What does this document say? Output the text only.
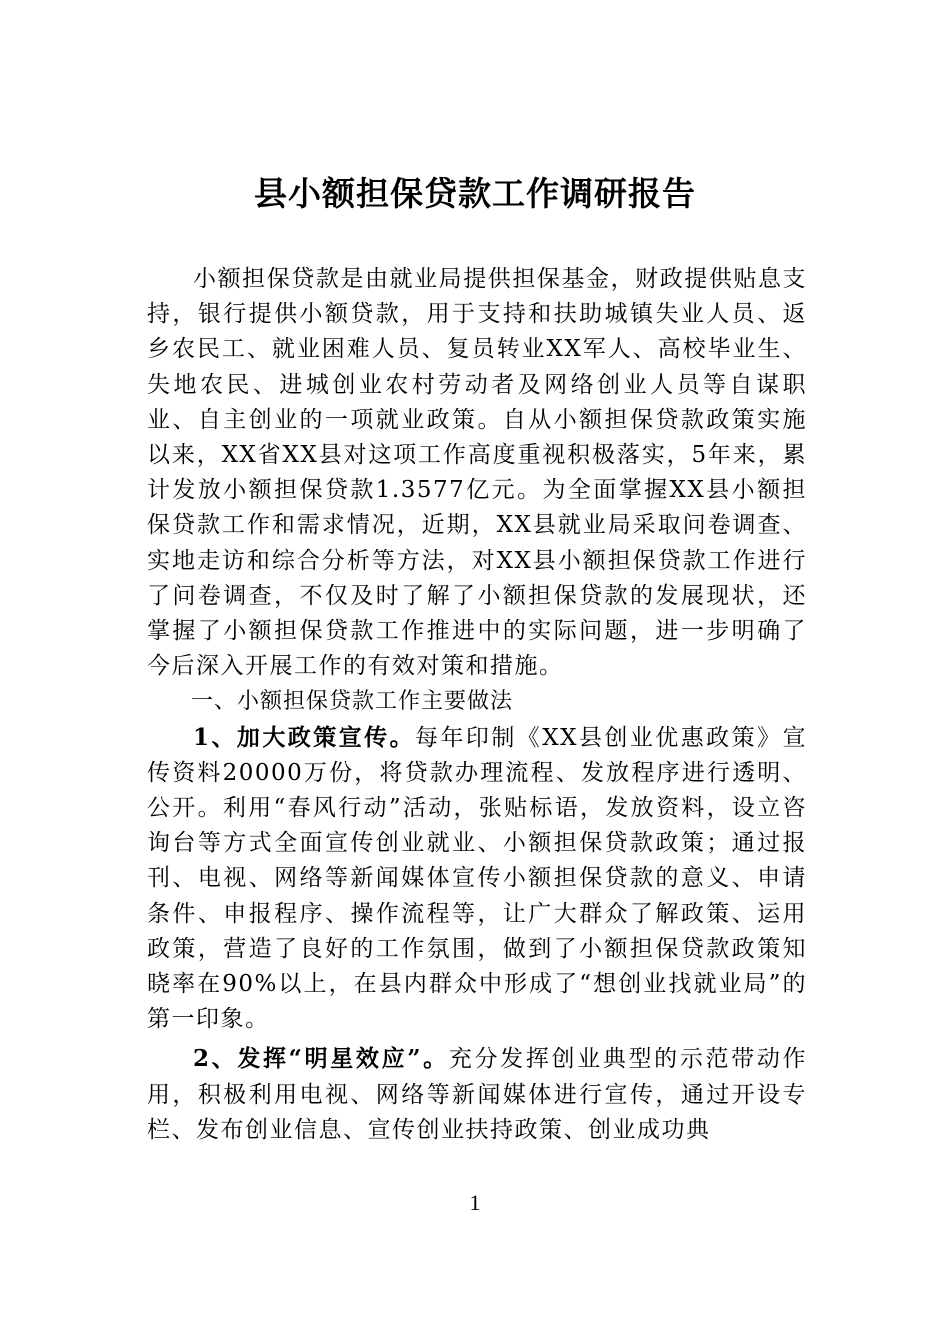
县小额担保贷款工作调研报告

小额担保贷款是由就业局提供担保基金，财政提供贴息支持，银行提供小额贷款，用于支持和扶助城镇失业人员、返乡农民工、就业困难人员、复员转业XX军人、高校毕业生、失地农民、进城创业农村劳动者及网络创业人员等自谋职业、自主创业的一项就业政策。自从小额担保贷款政策实施以来，XX省XX县对这项工作高度重视积极落实，5年来，累计发放小额担保贷款1.3577亿元。为全面掌握XX县小额担保贷款工作和需求情况，近期，XX县就业局采取问卷调查、实地走访和综合分析等方法，对XX县小额担保贷款工作进行了问卷调查，不仅及时了解了小额担保贷款的发展现状，还掌握了小额担保贷款工作推进中的实际问题，进一步明确了今后深入开展工作的有效对策和措施。

一、小额担保贷款工作主要做法

1、加大政策宣传。每年印制《XX县创业优惠政策》宣传资料20000万份，将贷款办理流程、发放程序进行透明、公开。利用“春风行动”活动，张贴标语，发放资料，设立咨询台等方式全面宣传创业就业、小额担保贷款政策；通过报刊、电视、网络等新闻媒体宣传小额担保贷款的意义、申请条件、申报程序、操作流程等，让广大群众了解政策、运用政策，营造了良好的工作氛围，做到了小额担保贷款政策知晓率在90%以上，在县内群众中形成了“想创业找就业局”的第一印象。

2、发挥“明星效应”。充分发挥创业典型的示范带动作用，积极利用电视、网络等新闻媒体进行宣传，通过开设专栏、发布创业信息、宣传创业扶持政策、创业成功典

1
